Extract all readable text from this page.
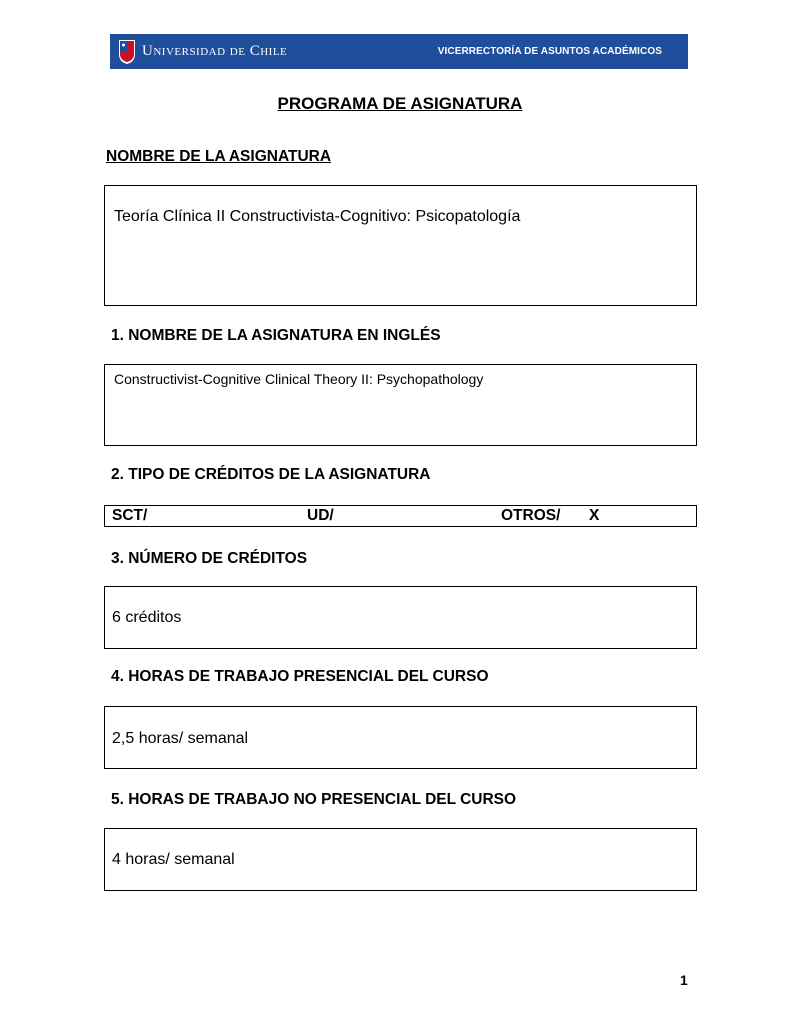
Universidad de Chile	VICERRECTORÍA DE ASUNTOS ACADÉMICOS
PROGRAMA DE ASIGNATURA
NOMBRE DE LA ASIGNATURA
Teoría Clínica II Constructivista-Cognitivo: Psicopatología
1. NOMBRE DE LA ASIGNATURA EN INGLÉS
Constructivist-Cognitive Clinical Theory II: Psychopathology
2. TIPO DE CRÉDITOS DE LA ASIGNATURA
SCT/	UD/	OTROS/ X
3. NÚMERO DE CRÉDITOS
6 créditos
4. HORAS DE TRABAJO PRESENCIAL DEL CURSO
2,5 horas/ semanal
5. HORAS DE TRABAJO NO PRESENCIAL DEL CURSO
4 horas/ semanal
1
